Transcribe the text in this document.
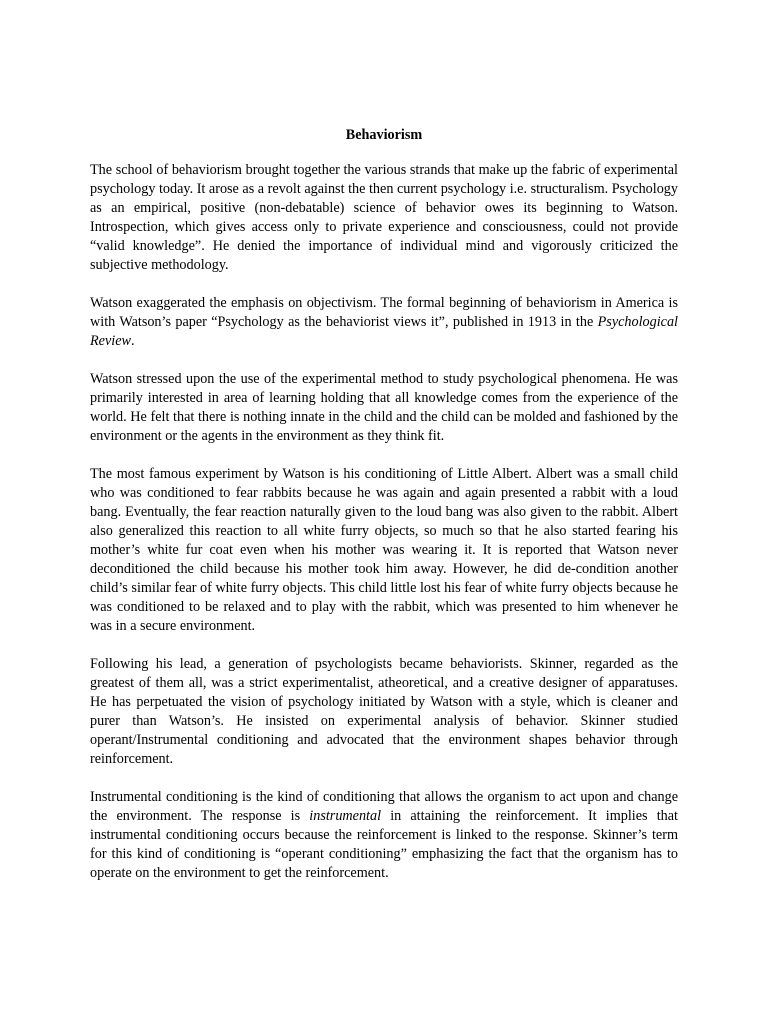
Behaviorism

The school of behaviorism brought together the various strands that make up the fabric of experimental psychology today. It arose as a revolt against the then current psychology i.e. structuralism. Psychology as an empirical, positive (non-debatable) science of behavior owes its beginning to Watson. Introspection, which gives access only to private experience and consciousness, could not provide “valid knowledge”. He denied the importance of individual mind and vigorously criticized the subjective methodology.

Watson exaggerated the emphasis on objectivism. The formal beginning of behaviorism in America is with Watson’s paper “Psychology as the behaviorist views it”, published in 1913 in the Psychological Review.

Watson stressed upon the use of the experimental method to study psychological phenomena. He was primarily interested in area of learning holding that all knowledge comes from the experience of the world. He felt that there is nothing innate in the child and the child can be molded and fashioned by the environment or the agents in the environment as they think fit.

The most famous experiment by Watson is his conditioning of Little Albert. Albert was a small child who was conditioned to fear rabbits because he was again and again presented a rabbit with a loud bang. Eventually, the fear reaction naturally given to the loud bang was also given to the rabbit. Albert also generalized this reaction to all white furry objects, so much so that he also started fearing his mother’s white fur coat even when his mother was wearing it. It is reported that Watson never deconditioned the child because his mother took him away. However, he did de-condition another child’s similar fear of white furry objects. This child little lost his fear of white furry objects because he was conditioned to be relaxed and to play with the rabbit, which was presented to him whenever he was in a secure environment.

Following his lead, a generation of psychologists became behaviorists. Skinner, regarded as the greatest of them all, was a strict experimentalist, atheoretical, and a creative designer of apparatuses. He has perpetuated the vision of psychology initiated by Watson with a style, which is cleaner and purer than Watson’s. He insisted on experimental analysis of behavior. Skinner studied operant/Instrumental conditioning and advocated that the environment shapes behavior through reinforcement.

Instrumental conditioning is the kind of conditioning that allows the organism to act upon and change the environment. The response is instrumental in attaining the reinforcement. It implies that instrumental conditioning occurs because the reinforcement is linked to the response. Skinner’s term for this kind of conditioning is “operant conditioning” emphasizing the fact that the organism has to operate on the environment to get the reinforcement.
